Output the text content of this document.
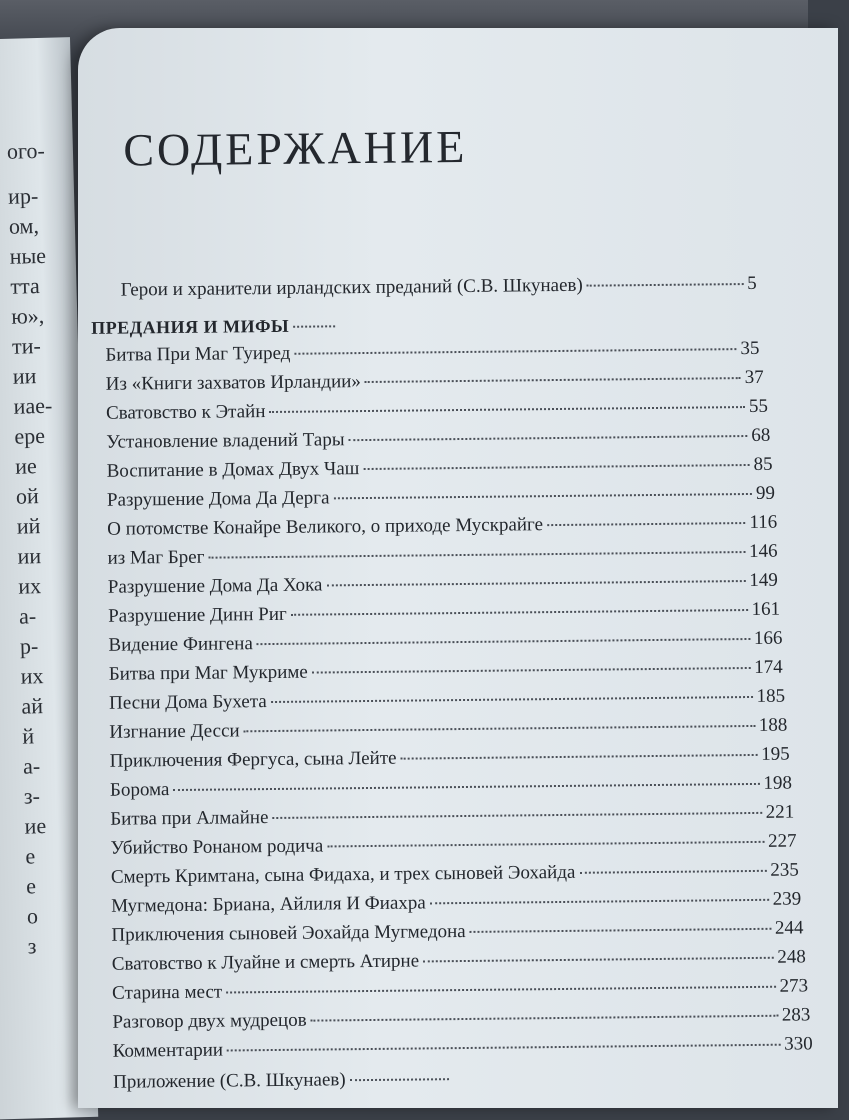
ого-
ир-
ом,
ные
тта
ю»,
ти-
ии
иае-
ере
ие
ой
ий
ии
их
а-
р-
их
ай
й
а-
з-
ие
е
е
о
з
СОДЕРЖАНИЕ
Герои и хранители ирландских преданий (С.В. Шкунаев)	5
ПРЕДАНИЯ И МИФЫ
Битва При Маг Туиред	35
Из «Книги захватов Ирландии»	37
Сватовство к Этайн	55
Установление владений Тары	68
Воспитание в Домах Двух Чаш	85
Разрушение Дома Да Дерга	99
О потомстве Конайре Великого, о приходе Мускрайге	116
из Маг Брег	146
Разрушение Дома Да Хока	149
Разрушение Динн Риг	161
Видение Фингена	166
Битва при Маг Мукриме	174
Песни Дома Бухета	185
Изгнание Десси	188
Приключения Фергуса, сына Лейте	195
Борома	198
Битва при Алмайне	221
Убийство Ронаном родича	227
Смерть Кримтана, сына Фидаха, и трех сыновей Эохайда	235
Мугмедона: Бриана, Айлиля И Фиахра	239
Приключения сыновей Эохайда Мугмедона	244
Сватовство к Луайне и смерть Атирне	248
Старина мест	273
Разговор двух мудрецов	283
Комментарии	330
Приложение (С.В. Шкунаев)
